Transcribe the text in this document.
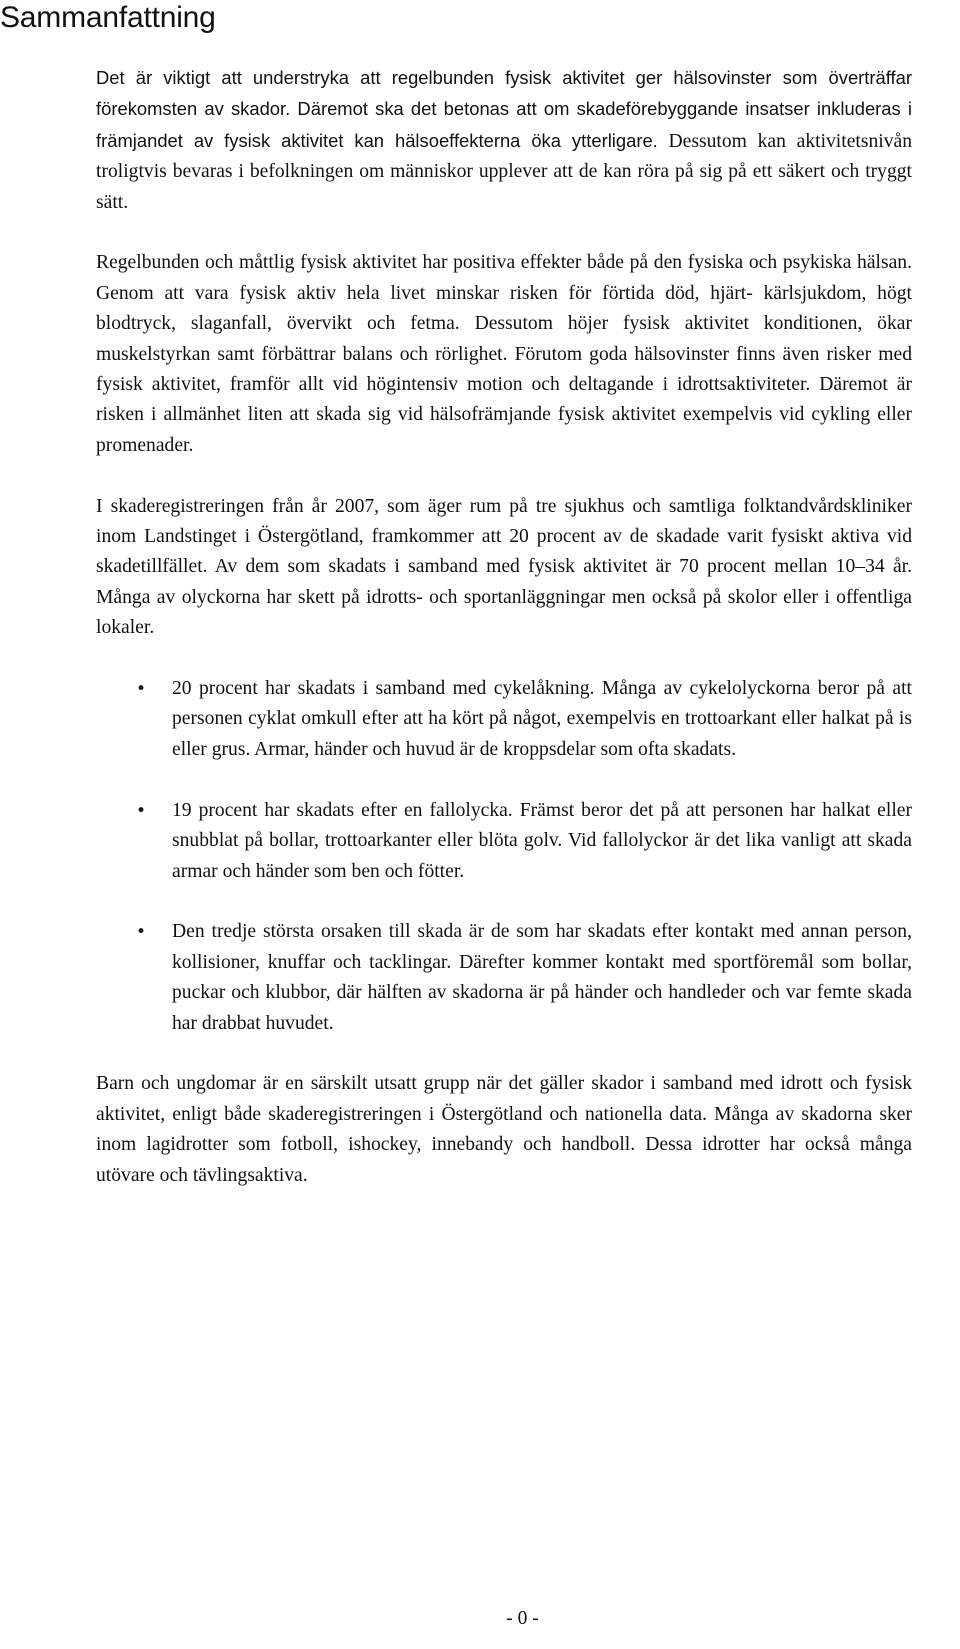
Sammanfattning

Det är viktigt att understryka att regelbunden fysisk aktivitet ger hälsovinster som överträffar förekomsten av skador. Däremot ska det betonas att om skadeförebyggande insatser inkluderas i främjandet av fysisk aktivitet kan hälsoeffekterna öka ytterligare. Dessutom kan aktivitetsnivån troligtvis bevaras i befolkningen om människor upplever att de kan röra på sig på ett säkert och tryggt sätt.

Regelbunden och måttlig fysisk aktivitet har positiva effekter både på den fysiska och psykiska hälsan. Genom att vara fysisk aktiv hela livet minskar risken för förtida död, hjärt- kärlsjukdom, högt blodtryck, slaganfall, övervikt och fetma. Dessutom höjer fysisk aktivitet konditionen, ökar muskelstyrkan samt förbättrar balans och rörlighet. Förutom goda hälsovinster finns även risker med fysisk aktivitet, framför allt vid högintensiv motion och deltagande i idrottsaktiviteter. Däremot är risken i allmänhet liten att skada sig vid hälsofrämjande fysisk aktivitet exempelvis vid cykling eller promenader.

I skaderegistreringen från år 2007, som äger rum på tre sjukhus och samtliga folktandvårdskliniker inom Landstinget i Östergötland, framkommer att 20 procent av de skadade varit fysiskt aktiva vid skadetillfället. Av dem som skadats i samband med fysisk aktivitet är 70 procent mellan 10–34 år. Många av olyckorna har skett på idrotts- och sportanläggningar men också på skolor eller i offentliga lokaler.

• 20 procent har skadats i samband med cykelåkning. Många av cykelolyckorna beror på att personen cyklat omkull efter att ha kört på något, exempelvis en trottoarkant eller halkat på is eller grus. Armar, händer och huvud är de kroppsdelar som ofta skadats.
• 19 procent har skadats efter en fallolycka. Främst beror det på att personen har halkat eller snubblat på bollar, trottoarkanter eller blöta golv. Vid fallolyckor är det lika vanligt att skada armar och händer som ben och fötter.
• Den tredje största orsaken till skada är de som har skadats efter kontakt med annan person, kollisioner, knuffar och tacklingar. Därefter kommer kontakt med sportföremål som bollar, puckar och klubbor, där hälften av skadorna är på händer och handleder och var femte skada har drabbat huvudet.

Barn och ungdomar är en särskilt utsatt grupp när det gäller skador i samband med idrott och fysisk aktivitet, enligt både skaderegistreringen i Östergötland och nationella data. Många av skadorna sker inom lagidrotter som fotboll, ishockey, innebandy och handboll. Dessa idrotter har också många utövare och tävlingsaktiva.

- 0 -
